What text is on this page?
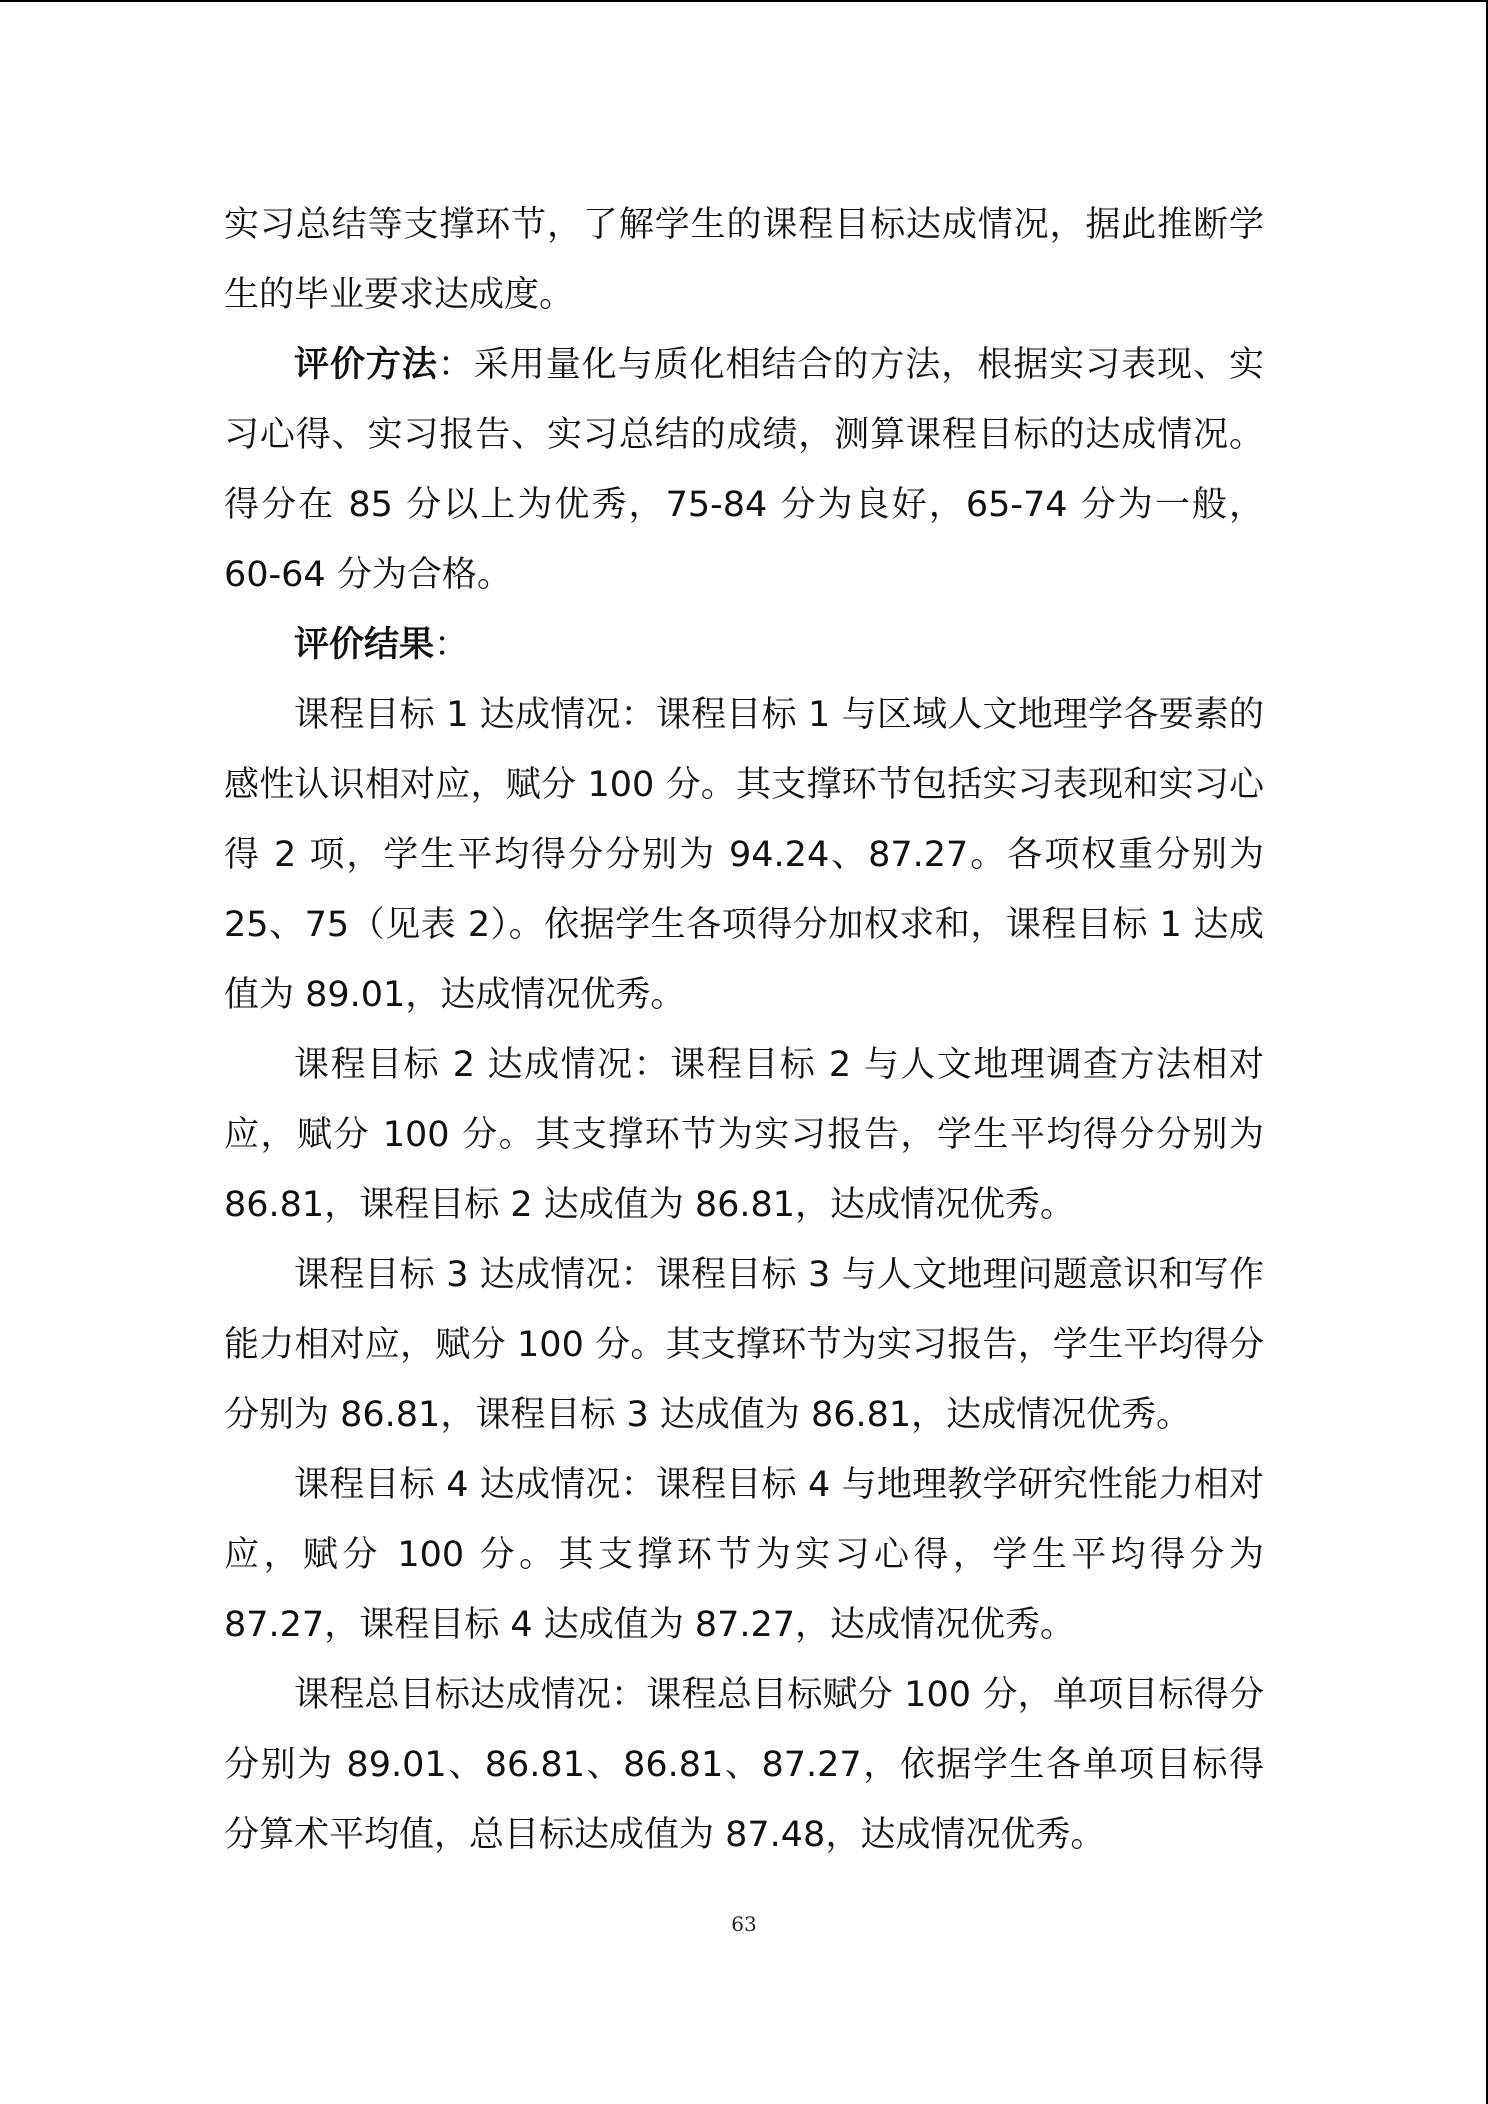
实习总结等支撑环节，了解学生的课程目标达成情况，据此推断学生的毕业要求达成度。

评价方法：采用量化与质化相结合的方法，根据实习表现、实习心得、实习报告、实习总结的成绩，测算课程目标的达成情况。得分在 85 分以上为优秀，75-84 分为良好，65-74 分为一般，60-64 分为合格。

评价结果：

课程目标 1 达成情况：课程目标 1 与区域人文地理学各要素的感性认识相对应，赋分 100 分。其支撑环节包括实习表现和实习心得 2 项，学生平均得分分别为 94.24、87.27。各项权重分别为 25、75（见表 2）。依据学生各项得分加权求和，课程目标 1 达成值为 89.01，达成情况优秀。

课程目标 2 达成情况：课程目标 2 与人文地理调查方法相对应，赋分 100 分。其支撑环节为实习报告，学生平均得分分别为 86.81，课程目标 2 达成值为 86.81，达成情况优秀。

课程目标 3 达成情况：课程目标 3 与人文地理问题意识和写作能力相对应，赋分 100 分。其支撑环节为实习报告，学生平均得分分别为 86.81，课程目标 3 达成值为 86.81，达成情况优秀。

课程目标 4 达成情况：课程目标 4 与地理教学研究性能力相对应，赋分 100 分。其支撑环节为实习心得，学生平均得分为 87.27，课程目标 4 达成值为 87.27，达成情况优秀。

课程总目标达成情况：课程总目标赋分 100 分，单项目标得分分别为 89.01、86.81、86.81、87.27，依据学生各单项目标得分算术平均值，总目标达成值为 87.48，达成情况优秀。

63
